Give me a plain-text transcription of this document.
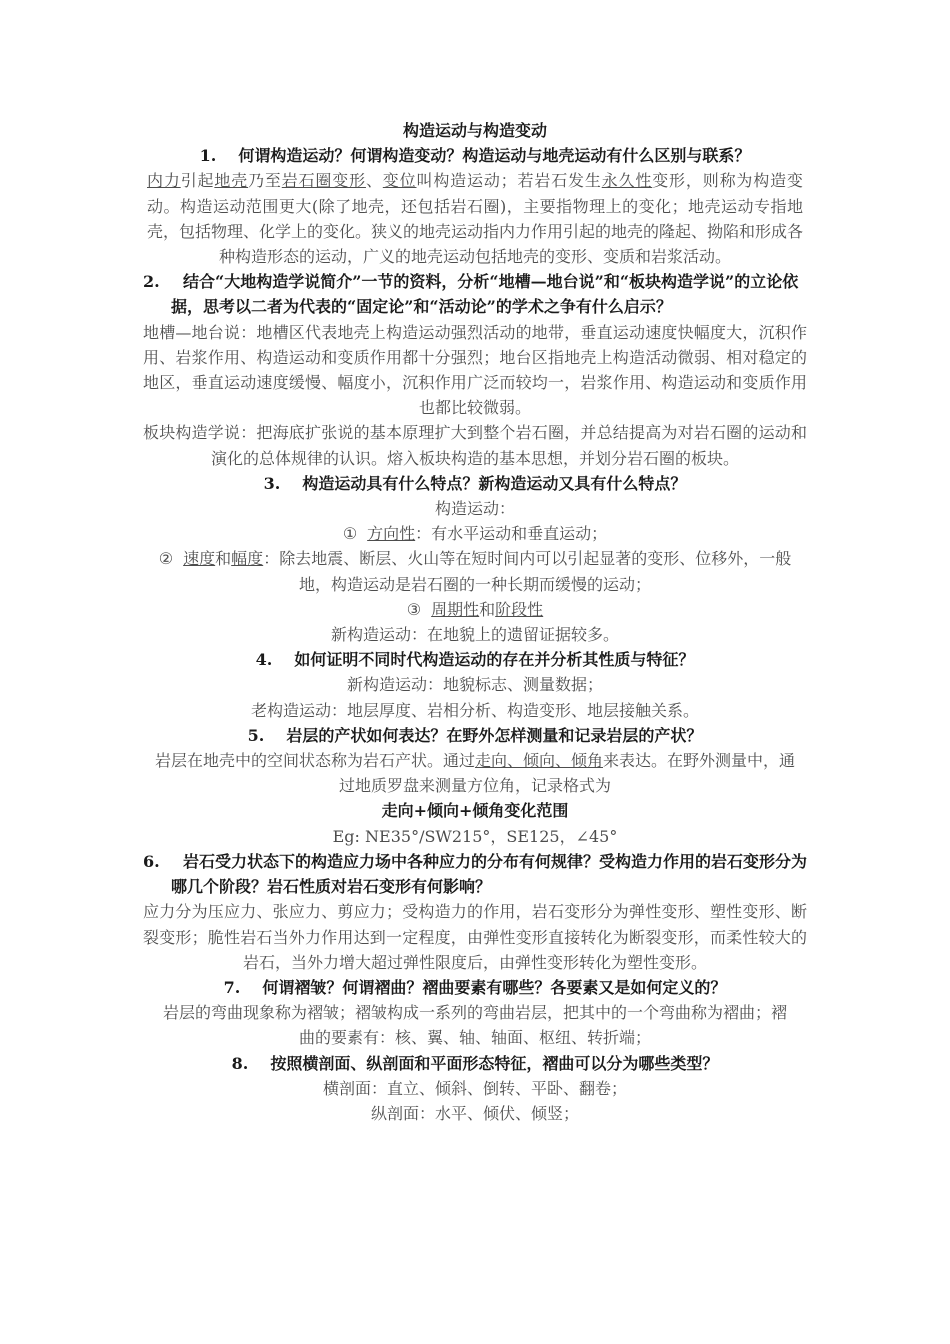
构造运动与构造变动
1. 何谓构造运动？何谓构造变动？构造运动与地壳运动有什么区别与联系？
内力引起地壳乃至岩石圈变形、变位叫构造运动；若岩石发生永久性变形，则称为构造变动。构造运动范围更大(除了地壳，还包括岩石圈)，主要指物理上的变化；地壳运动专指地壳，包括物理、化学上的变化。狭义的地壳运动指内力作用引起的地壳的隆起、拗陷和形成各种构造形态的运动，广义的地壳运动包括地壳的变形、变质和岩浆活动。
2. 结合“大地构造学说简介”一节的资料，分析“地槽—地台说”和“板块构造学说”的立论依据，思考以二者为代表的“固定论”和“活动论”的学术之争有什么启示？
地槽—地台说：地槽区代表地壳上构造运动强烈活动的地带，垂直运动速度快幅度大，沉积作用、岩浆作用、构造运动和变质作用都十分强烈；地台区指地壳上构造活动微弱、相对稳定的地区，垂直运动速度缓慢、幅度小，沉积作用广泛而较均一，岩浆作用、构造运动和变质作用也都比较微弱。
板块构造学说：把海底扩张说的基本原理扩大到整个岩石圈，并总结提高为对岩石圈的运动和演化的总体规律的认识。熔入板块构造的基本思想，并划分岩石圈的板块。
3. 构造运动具有什么特点？新构造运动又具有什么特点？
构造运动：
① 方向性：有水平运动和垂直运动；
② 速度和幅度：除去地震、断层、火山等在短时间内可以引起显著的变形、位移外，一般地，构造运动是岩石圈的一种长期而缓慢的运动；
③ 周期性和阶段性
新构造运动：在地貌上的遗留证据较多。
4. 如何证明不同时代构造运动的存在并分析其性质与特征？
新构造运动：地貌标志、测量数据；
老构造运动：地层厚度、岩相分析、构造变形、地层接触关系。
5. 岩层的产状如何表达？在野外怎样测量和记录岩层的产状？
岩层在地壳中的空间状态称为岩石产状。通过走向、倾向、倾角来表达。在野外测量中，通过地质罗盘来测量方位角，记录格式为
走向+倾向+倾角变化范围
Eg: NE35°/SW215°，SE125，∠45°
6. 岩石受力状态下的构造应力场中各种应力的分布有何规律？受构造力作用的岩石变形分为哪几个阶段？岩石性质对岩石变形有何影响？
应力分为压应力、张应力、剪应力；受构造力的作用，岩石变形分为弹性变形、塑性变形、断裂变形；脆性岩石当外力作用达到一定程度，由弹性变形直接转化为断裂变形，而柔性较大的岩石，当外力增大超过弹性限度后，由弹性变形转化为塑性变形。
7. 何谓褶皱？何谓褶曲？褶曲要素有哪些？各要素又是如何定义的？
岩层的弯曲现象称为褶皱；褶皱构成一系列的弯曲岩层，把其中的一个弯曲称为褶曲；褶曲的要素有：核、翼、轴、轴面、枢纽、转折端；
8. 按照横剖面、纵剖面和平面形态特征，褶曲可以分为哪些类型？
横剖面：直立、倾斜、倒转、平卧、翻卷；
纵剖面：水平、倾伏、倾竖；
